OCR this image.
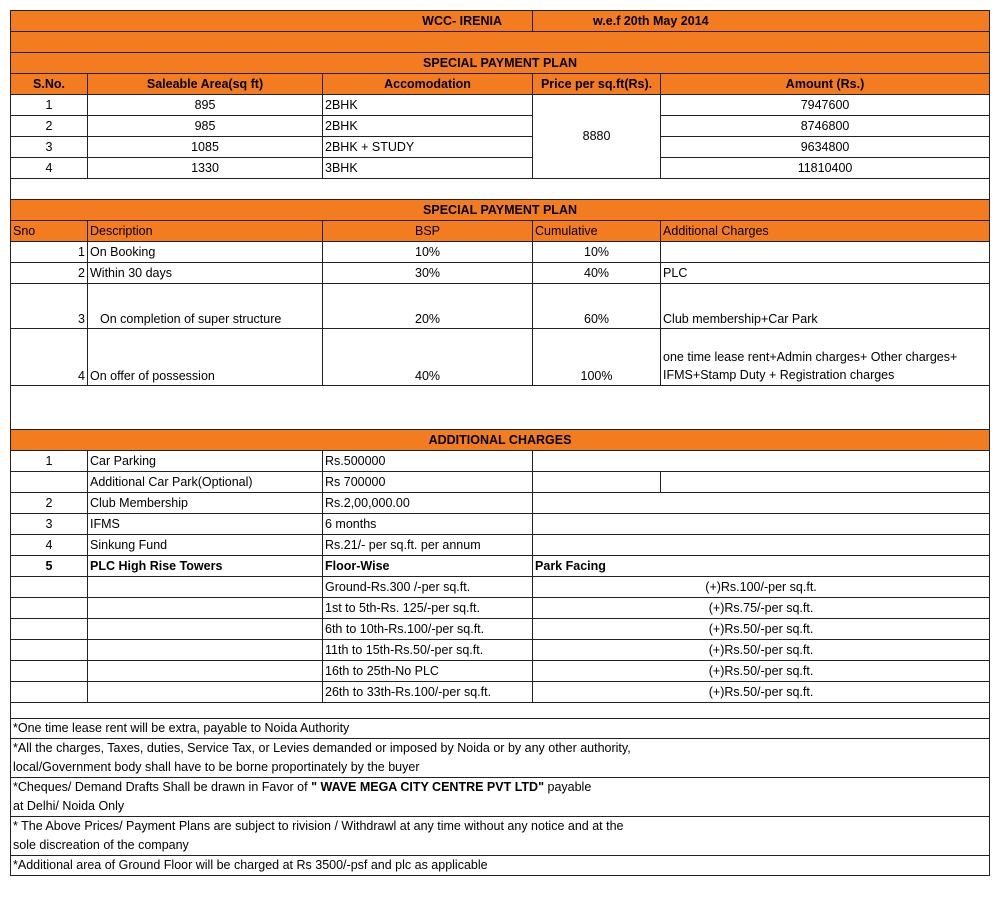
WCC- IRENIA			w.e.f 20th May 2014	

SPECIAL PAYMENT PLAN				
S.No.	Saleable Area(sq ft)	Accomodation	Price per sq.ft(Rs).	Amount (Rs.)
1	895	2BHK	8880	7947600
2	985	2BHK		8746800
3	1085	2BHK + STUDY		9634800
4	1330	3BHK		11810400

SPECIAL PAYMENT PLAN				
Sno	Description	BSP	Cumulative	Additional Charges
1	On Booking	10%	10%	
2	Within 30 days	30%	40%	PLC
3	On completion of super structure	20%	60%	Club membership+Car Park
4	On offer of possession	40%	100%	one time lease rent+Admin charges+ Other charges+ IFMS+Stamp Duty + Registration charges

ADDITIONAL CHARGES				
1	Car Parking	Rs.500000		
	Additional Car Park(Optional)	Rs 700000		
2	Club Membership	Rs.2,00,000.00		
3	IFMS	6 months		
4	Sinkung Fund	Rs.21/- per sq.ft. per annum		
5	PLC High Rise Towers	Floor-Wise	Park Facing	
		Ground-Rs.300 /-per sq.ft.	(+)Rs.100/-per sq.ft.	
		1st to 5th-Rs. 125/-per sq.ft.	(+)Rs.75/-per sq.ft.	
		6th to 10th-Rs.100/-per sq.ft.	(+)Rs.50/-per sq.ft.	
		11th to 15th-Rs.50/-per sq.ft.	(+)Rs.50/-per sq.ft.	
		16th to 25th-No PLC	(+)Rs.50/-per sq.ft.	
		26th to 33th-Rs.100/-per sq.ft.	(+)Rs.50/-per sq.ft.	

*One time lease rent will be extra, payable to Noida Authority				
*All the charges, Taxes, duties, Service Tax, or Levies demanded or imposed by Noida or by any other authority,				
local/Government body shall have to be borne proportinately by the buyer				
*Cheques/ Demand Drafts Shall be drawn in Favor of " WAVE MEGA CITY CENTRE PVT LTD" payable				
at Delhi/ Noida Only				
* The Above Prices/ Payment Plans are subject to rivision / Withdrawl at any time without any notice and at the				
sole discreation of the company				
*Additional area of Ground Floor will be charged at Rs 3500/-psf and plc as applicable				
